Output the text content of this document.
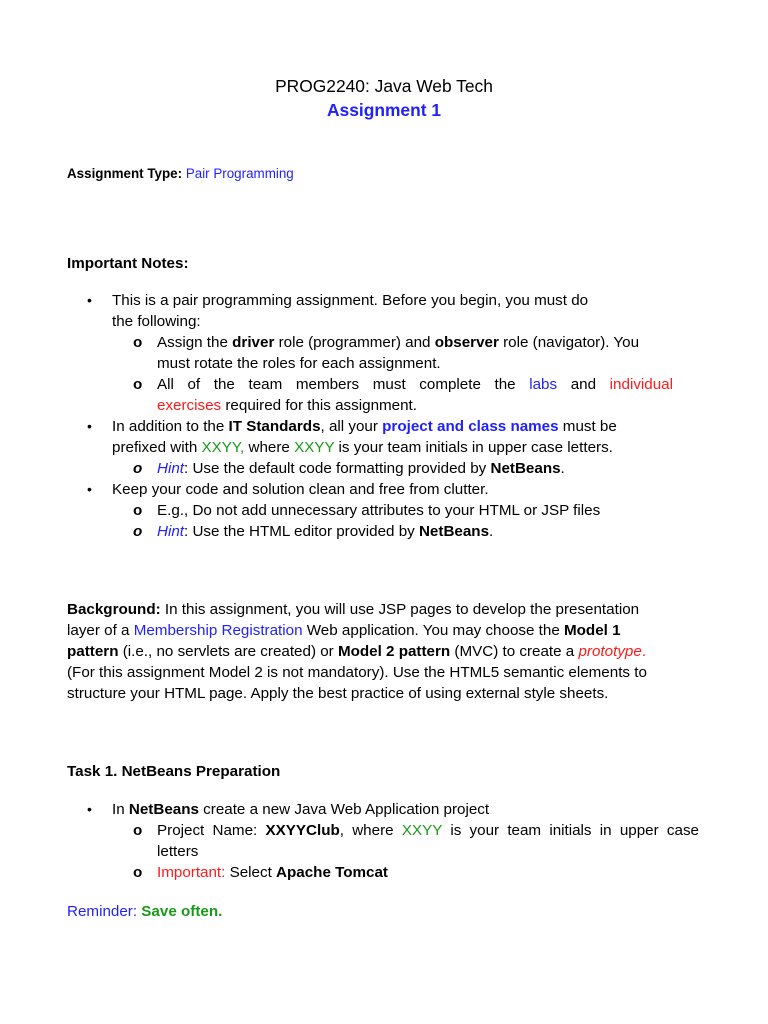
PROG2240: Java Web Tech
Assignment 1
Assignment Type: Pair Programming
Important Notes:
• This is a pair programming assignment. Before you begin, you must do
the following:
o Assign the driver role (programmer) and observer role (navigator). You
must rotate the roles for each assignment.
o All of the team members must complete the labs and individual
exercises required for this assignment.
• In addition to the IT Standards, all your project and class names must be
prefixed with XXYY, where XXYY is your team initials in upper case letters.
o Hint: Use the default code formatting provided by NetBeans.
• Keep your code and solution clean and free from clutter.
o E.g., Do not add unnecessary attributes to your HTML or JSP files
o Hint: Use the HTML editor provided by NetBeans.
Background: In this assignment, you will use JSP pages to develop the presentation
layer of a Membership Registration Web application. You may choose the Model 1
pattern (i.e., no servlets are created) or Model 2 pattern (MVC) to create a prototype.
(For this assignment Model 2 is not mandatory). Use the HTML5 semantic elements to
structure your HTML page. Apply the best practice of using external style sheets.
Task 1. NetBeans Preparation
• In NetBeans create a new Java Web Application project
o Project Name: XXYYClub, where XXYY is your team initials in upper case
letters
o Important: Select Apache Tomcat
Reminder: Save often.
